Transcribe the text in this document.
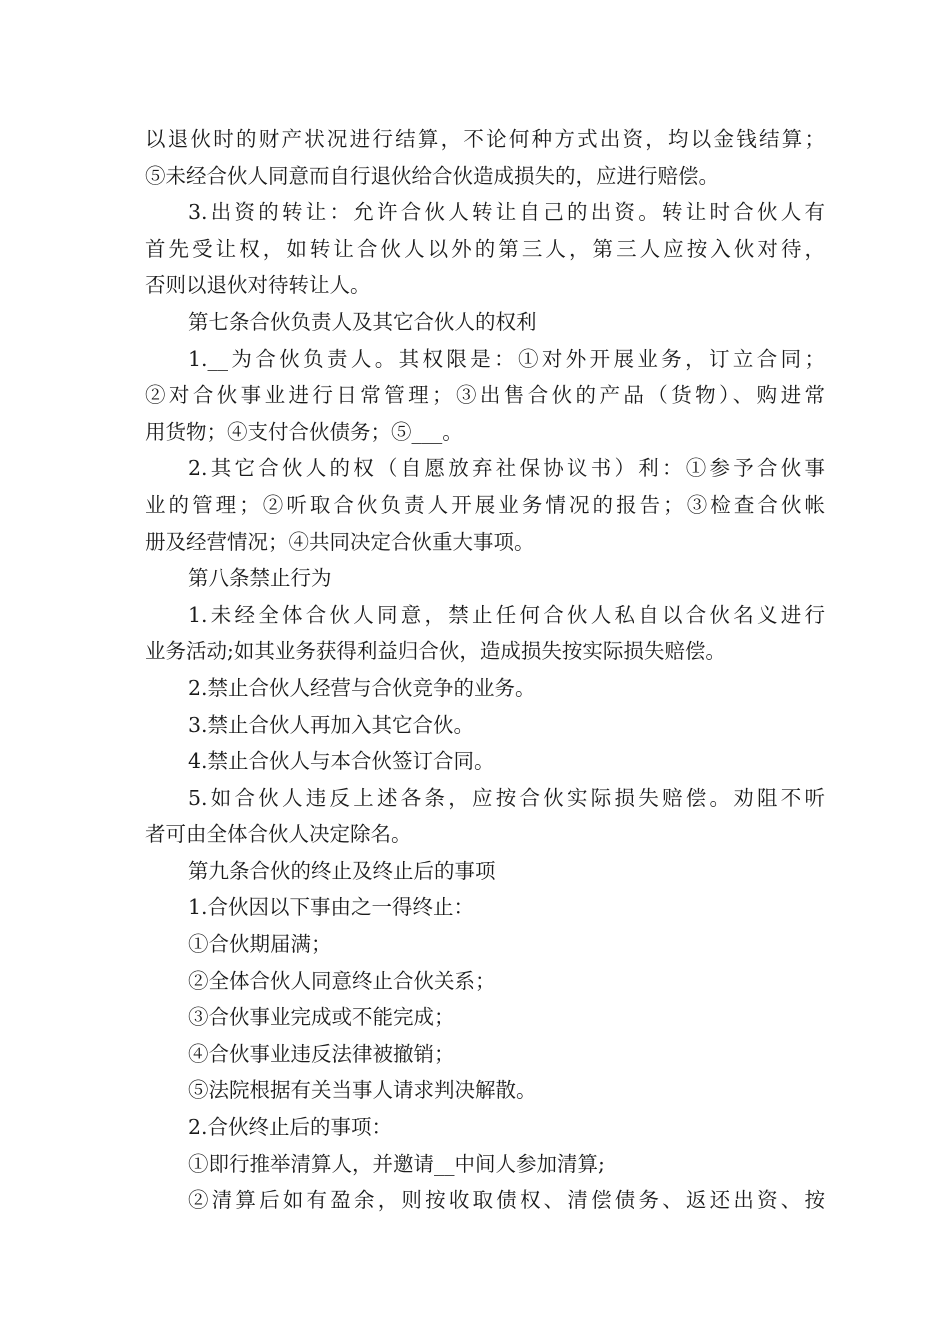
以退伙时的财产状况进行结算，不论何种方式出资，均以金钱结算；
⑤未经合伙人同意而自行退伙给合伙造成损失的，应进行赔偿。
3.出资的转让：允许合伙人转让自己的出资。转让时合伙人有
首先受让权，如转让合伙人以外的第三人，第三人应按入伙对待，
否则以退伙对待转让人。
第七条合伙负责人及其它合伙人的权利
1.__为合伙负责人。其权限是：①对外开展业务，订立合同；
②对合伙事业进行日常管理；③出售合伙的产品（货物）、购进常
用货物；④支付合伙债务；⑤___。
2.其它合伙人的权（自愿放弃社保协议书）利：①参予合伙事
业的管理；②听取合伙负责人开展业务情况的报告；③检查合伙帐
册及经营情况；④共同决定合伙重大事项。
第八条禁止行为
1.未经全体合伙人同意，禁止任何合伙人私自以合伙名义进行
业务活动;如其业务获得利益归合伙，造成损失按实际损失赔偿。
2.禁止合伙人经营与合伙竞争的业务。
3.禁止合伙人再加入其它合伙。
4.禁止合伙人与本合伙签订合同。
5.如合伙人违反上述各条，应按合伙实际损失赔偿。劝阻不听
者可由全体合伙人决定除名。
第九条合伙的终止及终止后的事项
1.合伙因以下事由之一得终止：
①合伙期届满；
②全体合伙人同意终止合伙关系；
③合伙事业完成或不能完成；
④合伙事业违反法律被撤销；
⑤法院根据有关当事人请求判决解散。
2.合伙终止后的事项：
①即行推举清算人，并邀请__中间人参加清算;
②清算后如有盈余，则按收取债权、清偿债务、返还出资、按
